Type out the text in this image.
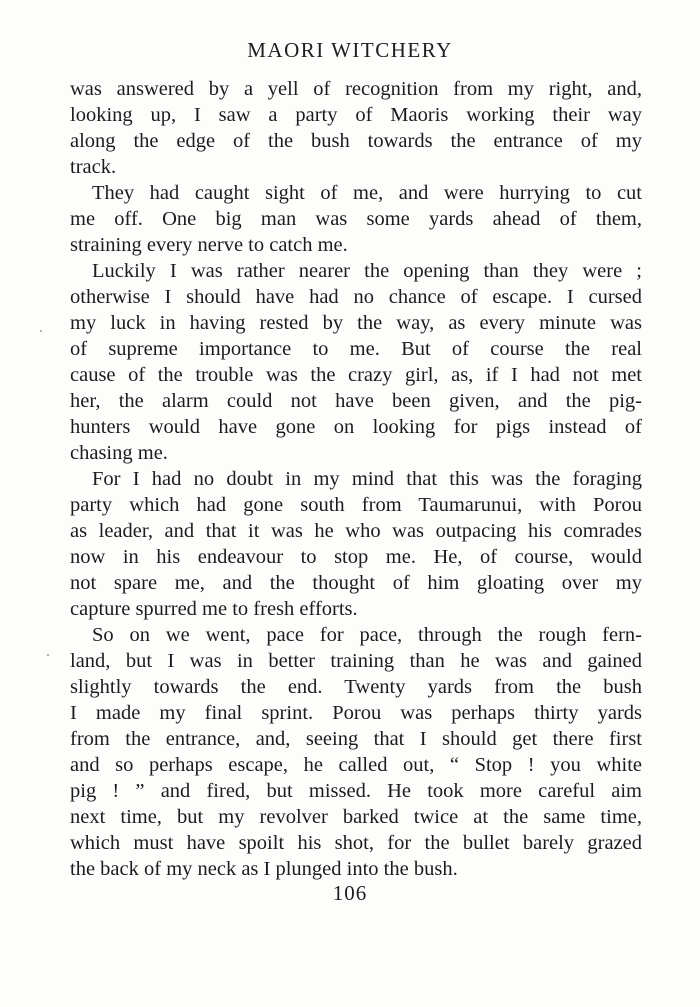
MAORI WITCHERY
was answered by a yell of recognition from my right, and,
looking up, I saw a party of Maoris working their way
along the edge of the bush towards the entrance of my
track.
They had caught sight of me, and were hurrying to cut
me off. One big man was some yards ahead of them,
straining every nerve to catch me.
Luckily I was rather nearer the opening than they were ;
otherwise I should have had no chance of escape. I cursed
my luck in having rested by the way, as every minute was
of supreme importance to me. But of course the real
cause of the trouble was the crazy girl, as, if I had not met
her, the alarm could not have been given, and the pig-
hunters would have gone on looking for pigs instead of
chasing me.
For I had no doubt in my mind that this was the foraging
party which had gone south from Taumarunui, with Porou
as leader, and that it was he who was outpacing his comrades
now in his endeavour to stop me. He, of course, would
not spare me, and the thought of him gloating over my
capture spurred me to fresh efforts.
So on we went, pace for pace, through the rough fern-
land, but I was in better training than he was and gained
slightly towards the end. Twenty yards from the bush
I made my final sprint. Porou was perhaps thirty yards
from the entrance, and, seeing that I should get there first
and so perhaps escape, he called out, “ Stop ! you white
pig ! ” and fired, but missed. He took more careful aim
next time, but my revolver barked twice at the same time,
which must have spoilt his shot, for the bullet barely grazed
the back of my neck as I plunged into the bush.
106
